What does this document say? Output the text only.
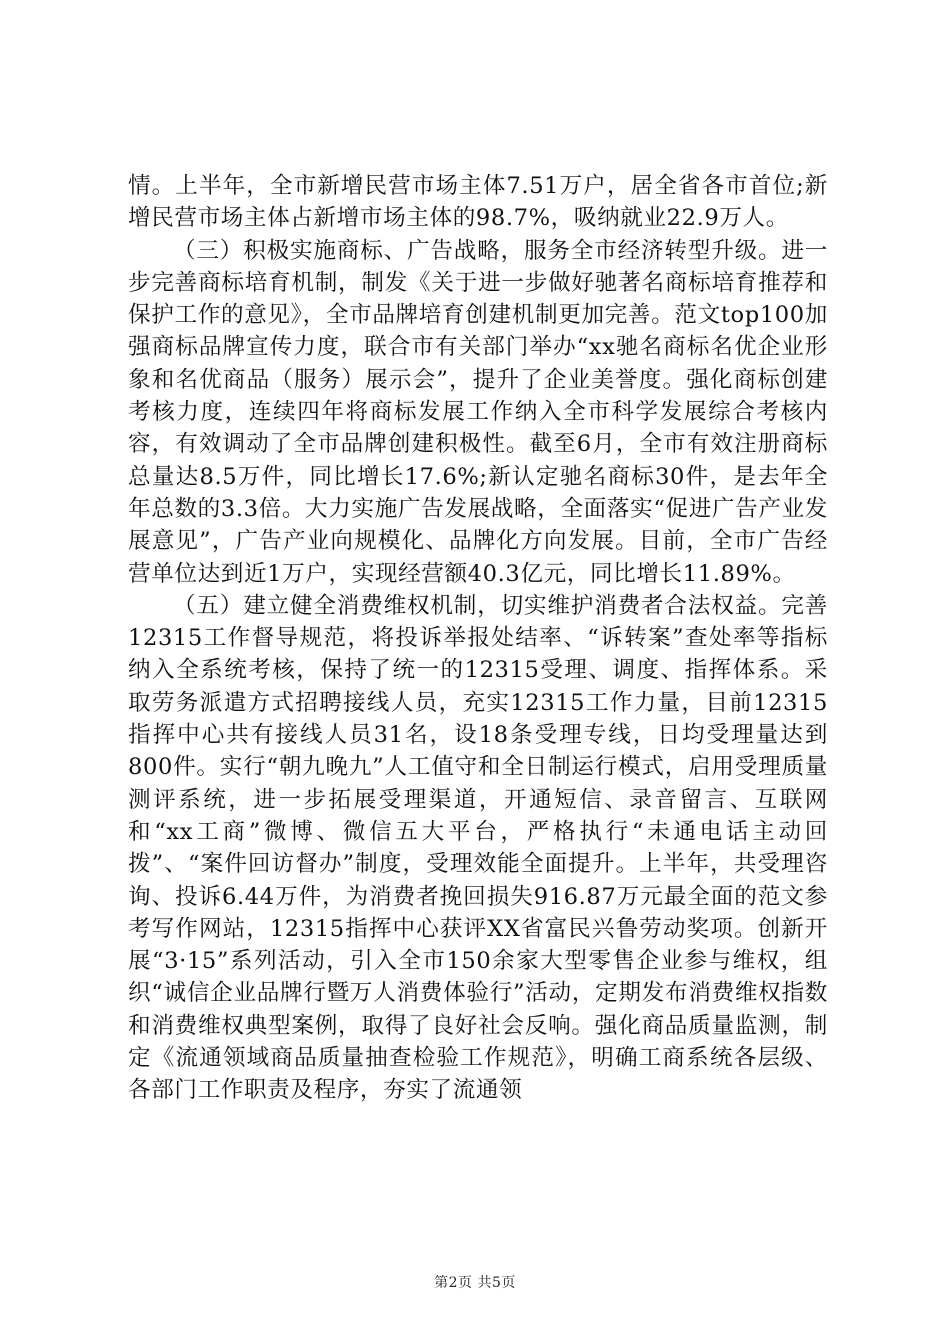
情。上半年，全市新增民营市场主体7.51万户，居全省各市首位;新增民营市场主体占新增市场主体的98.7%，吸纳就业22.9万人。

（三）积极实施商标、广告战略，服务全市经济转型升级。进一步完善商标培育机制，制发《关于进一步做好驰著名商标培育推荐和保护工作的意见》，全市品牌培育创建机制更加完善。范文top100加强商标品牌宣传力度，联合市有关部门举办“xx驰名商标名优企业形象和名优商品（服务）展示会”，提升了企业美誉度。强化商标创建考核力度，连续四年将商标发展工作纳入全市科学发展综合考核内容，有效调动了全市品牌创建积极性。截至6月，全市有效注册商标总量达8.5万件，同比增长17.6%;新认定驰名商标30件，是去年全年总数的3.3倍。大力实施广告发展战略，全面落实“促进广告产业发展意见”，广告产业向规模化、品牌化方向发展。目前，全市广告经营单位达到近1万户，实现经营额40.3亿元，同比增长11.89%。

（五）建立健全消费维权机制，切实维护消费者合法权益。完善12315工作督导规范，将投诉举报处结率、“诉转案”查处率等指标纳入全系统考核，保持了统一的12315受理、调度、指挥体系。采取劳务派遣方式招聘接线人员，充实12315工作力量，目前12315指挥中心共有接线人员31名，设18条受理专线，日均受理量达到800件。实行“朝九晚九”人工值守和全日制运行模式，启用受理质量测评系统，进一步拓展受理渠道，开通短信、录音留言、互联网和“xx工商”微博、微信五大平台，严格执行“未通电话主动回拨”、“案件回访督办”制度，受理效能全面提升。上半年，共受理咨询、投诉6.44万件，为消费者挽回损失916.87万元最全面的范文参考写作网站，12315指挥中心获评XX省富民兴鲁劳动奖项。创新开展“3·15”系列活动，引入全市150余家大型零售企业参与维权，组织“诚信企业品牌行暨万人消费体验行”活动，定期发布消费维权指数和消费维权典型案例，取得了良好社会反响。强化商品质量监测，制定《流通领域商品质量抽查检验工作规范》，明确工商系统各层级、各部门工作职责及程序，夯实了流通领

第2页 共5页
